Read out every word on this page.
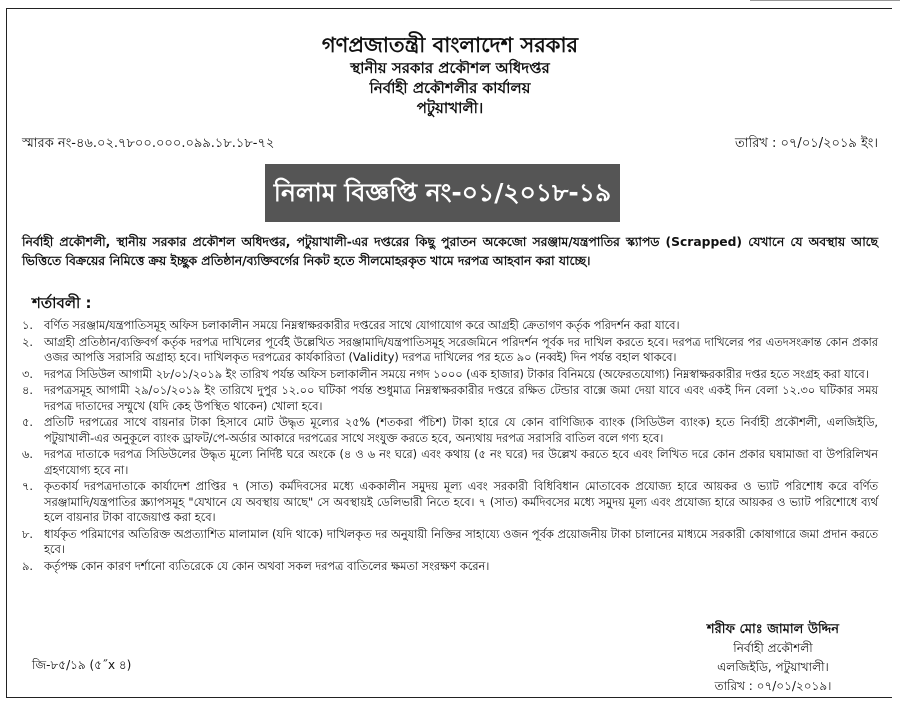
গণপ্রজাতন্ত্রী বাংলাদেশ সরকার
স্থানীয় সরকার প্রকৌশল অধিদপ্তর
নির্বাহী প্রকৌশলীর কার্যালয়
পটুয়াখালী।
স্মারক নং-৪৬.০২.৭৮০০.০০০.০৯৯.১৮.১৮-৭২	তারিখ : ০৭/০১/২০১৯ ইং।
নিলাম বিজ্ঞপ্তি নং-০১/২০১৮-১৯
নির্বাহী প্রকৌশলী, স্থানীয় সরকার প্রকৌশল অধিদপ্তর, পটুয়াখালী-এর দপ্তরের কিছু পুরাতন অকেজো সরঞ্জাম/যন্ত্রপাতির স্ক্যাপড (Scrapped) যেখানে যে অবস্থায় আছে ভিত্তিতে বিক্রয়ের নিমিত্তে ক্রয় ইচ্ছুক প্রতিষ্ঠান/ব্যক্তিবর্গের নিকট হতে সীলমোহরকৃত খামে দরপত্র আহবান করা যাচ্ছে।
শর্তাবলী :
১. বর্ণিত সরঞ্জাম/যন্ত্রপাতিসমূহ অফিস চলাকালীন সময়ে নিম্নস্বাক্ষরকারীর দপ্তরের সাথে যোগাযোগ করে আগ্রহী ক্রেতাগণ কর্তৃক পরিদর্শন করা যাবে।
২. আগ্রহী প্রতিষ্ঠান/ব্যক্তিবর্গ কর্তৃক দরপত্র দাখিলের পূর্বেই উল্লেখিত সরঞ্জামাদি/যন্ত্রপাতিসমূহ সরেজমিনে পরিদর্শন পূর্বক দর দাখিল করতে হবে। দরপত্র দাখিলের পর এতদসংক্রান্ত কোন প্রকার ওজর আপত্তি সরাসরি অগ্রাহ্য হবে। দাখিলকৃত দরপত্রের কার্যকারিতা (Validity) দরপত্র দাখিলের পর হতে ৯০ (নব্বই) দিন পর্যন্ত বহাল থাকবে।
৩. দরপত্র সিডিউল আগামী ২৮/০১/২০১৯ ইং তারিখ পর্যন্ত অফিস চলাকালীন সময়ে নগদ ১০০০ (এক হাজার) টাকার বিনিময়ে (অফেরতযোগ্য) নিম্নস্বাক্ষরকারীর দপ্তর হতে সংগ্রহ করা যাবে।
৪. দরপত্রসমূহ আগামী ২৯/০১/২০১৯ ইং তারিখে দুপুর ১২.০০ ঘটিকা পর্যন্ত শুধুমাত্র নিম্নস্বাক্ষরকারীর দপ্তরে রক্ষিত টেন্ডার বাক্সে জমা দেয়া যাবে এবং একই দিন বেলা ১২.৩০ ঘটিকার সময় দরপত্র দাতাদের সম্মুখে (যদি কেহ উপস্থিত থাকেন) খোলা হবে।
৫. প্রতিটি দরপত্রের সাথে বায়নার টাকা হিসাবে মোট উদ্ধৃত মূল্যের ২৫% (শতকরা পঁচিশ) টাকা হারে যে কোন বাণিজ্যিক ব্যাংক (সিডিউল ব্যাংক) হতে নির্বাহী প্রকৌশলী, এলজিইডি, পটুয়াখালী-এর অনুকূলে ব্যাংক ড্রাফট/পে-অর্ডার আকারে দরপত্রের সাথে সংযুক্ত করতে হবে, অন্যথায় দরপত্র সরাসরি বাতিল বলে গণ্য হবে।
৬. দরপত্র দাতাকে দরপত্র সিডিউলের উদ্ধৃত মূল্যে নির্দিষ্ট ঘরে অংকে (৪ ও ৬ নং ঘরে) এবং কথায় (৫ নং ঘরে) দর উল্লেখ করতে হবে এবং লিখিত দরে কোন প্রকার ঘষামাজা বা উপরিলিখন গ্রহণযোগ্য হবে না।
৭. কৃতকার্য দরপত্রদাতাকে কার্যাদেশ প্রাপ্তির ৭ (সাত) কর্মদিবসের মধ্যে এককালীন সমুদয় মূল্য এবং সরকারী বিধিবিধান মোতাবেক প্রযোজ্য হারে আয়কর ও ভ্যাট পরিশোধ করে বর্ণিত সরঞ্জামাদি/যন্ত্রপাতির স্ক্র্যাপসমূহ "যেখানে যে অবস্থায় আছে" সে অবস্থায়ই ডেলিভারী নিতে হবে। ৭ (সাত) কর্মদিবসের মধ্যে সমুদয় মূল্য এবং প্রযোজ্য হারে আয়কর ও ভ্যাট পরিশোধে ব্যর্থ হলে বায়নার টাকা বাজেয়াপ্ত করা হবে।
৮. ধার্যকৃত পরিমাণের অতিরিক্ত অপ্রত্যাশিত মালামাল (যদি থাকে) দাখিলকৃত দর অনুযায়ী নিক্তির সাহায্যে ওজন পূর্বক প্রয়োজনীয় টাকা চালানের মাধ্যমে সরকারী কোষাগারে জমা প্রদান করতে হবে।
৯. কর্তৃপক্ষ কোন কারণ দর্শানো ব্যতিরেকে যে কোন অথবা সকল দরপত্র বাতিলের ক্ষমতা সংরক্ষণ করেন।
শরীফ মোঃ জামাল উদ্দিন
নির্বাহী প্রকৌশলী
এলজিইডি, পটুয়াখালী।
তারিখ : ০৭/০১/২০১৯।
জি-৮৫/১৯ (৫˝x ৪)
